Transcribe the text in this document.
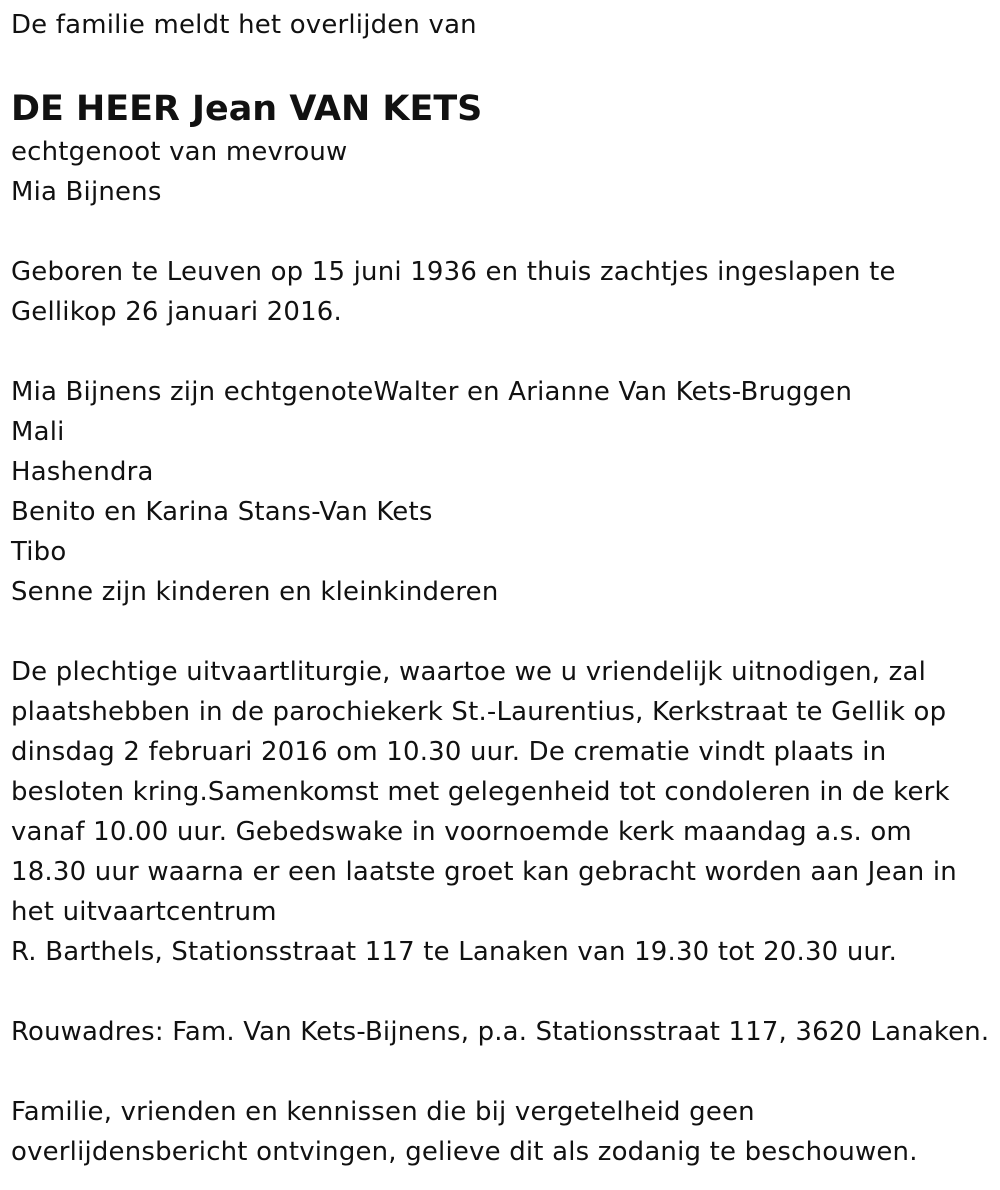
De familie meldt het overlijden van
DE HEER Jean VAN KETS
echtgenoot van mevrouw
Mia Bijnens
Geboren te Leuven op 15 juni 1936 en thuis zachtjes ingeslapen te
Gellikop 26 januari 2016.
Mia Bijnens zijn echtgenoteWalter en Arianne Van Kets-Bruggen
Mali
Hashendra
Benito en Karina Stans-Van Kets
Tibo
Senne zijn kinderen en kleinkinderen
De plechtige uitvaartliturgie, waartoe we u vriendelijk uitnodigen, zal
plaatshebben in de parochiekerk St.-Laurentius, Kerkstraat te Gellik op
dinsdag 2 februari 2016 om 10.30 uur. De crematie vindt plaats in
besloten kring.Samenkomst met gelegenheid tot condoleren in de kerk
vanaf 10.00 uur. Gebedswake in voornoemde kerk maandag a.s. om
18.30 uur waarna er een laatste groet kan gebracht worden aan Jean in
het uitvaartcentrum
R. Barthels, Stationsstraat 117 te Lanaken van 19.30 tot 20.30 uur.
Rouwadres: Fam. Van Kets-Bijnens, p.a. Stationsstraat 117, 3620 Lanaken.
Familie, vrienden en kennissen die bij vergetelheid geen
overlijdensbericht ontvingen, gelieve dit als zodanig te beschouwen.
